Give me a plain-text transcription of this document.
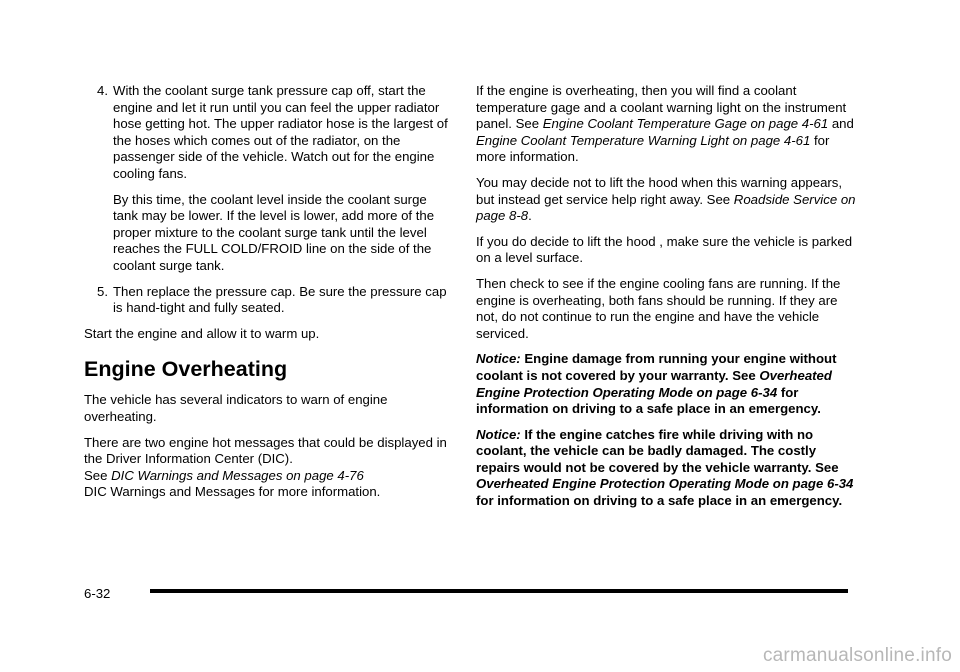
4. With the coolant surge tank pressure cap off, start the engine and let it run until you can feel the upper radiator hose getting hot. The upper radiator hose is the largest of the hoses which comes out of the radiator, on the passenger side of the vehicle. Watch out for the engine cooling fans.

By this time, the coolant level inside the coolant surge tank may be lower. If the level is lower, add more of the proper mixture to the coolant surge tank until the level reaches the FULL COLD/FROID line on the side of the coolant surge tank.

5. Then replace the pressure cap. Be sure the pressure cap is hand-tight and fully seated.

Start the engine and allow it to warm up.

Engine Overheating

The vehicle has several indicators to warn of engine overheating.

There are two engine hot messages that could be displayed in the Driver Information Center (DIC).
See DIC Warnings and Messages on page 4-76
DIC Warnings and Messages for more information.

If the engine is overheating, then you will find a coolant temperature gage and a coolant warning light on the instrument panel. See Engine Coolant Temperature Gage on page 4-61 and Engine Coolant Temperature Warning Light on page 4-61 for more information.

You may decide not to lift the hood when this warning appears, but instead get service help right away. See Roadside Service on page 8-8.

If you do decide to lift the hood , make sure the vehicle is parked on a level surface.

Then check to see if the engine cooling fans are running. If the engine is overheating, both fans should be running. If they are not, do not continue to run the engine and have the vehicle serviced.

Notice: Engine damage from running your engine without coolant is not covered by your warranty. See Overheated Engine Protection Operating Mode on page 6-34 for information on driving to a safe place in an emergency.

Notice: If the engine catches fire while driving with no coolant, the vehicle can be badly damaged. The costly repairs would not be covered by the vehicle warranty. See Overheated Engine Protection Operating Mode on page 6-34 for information on driving to a safe place in an emergency.

6-32
carmanualsonline.info
